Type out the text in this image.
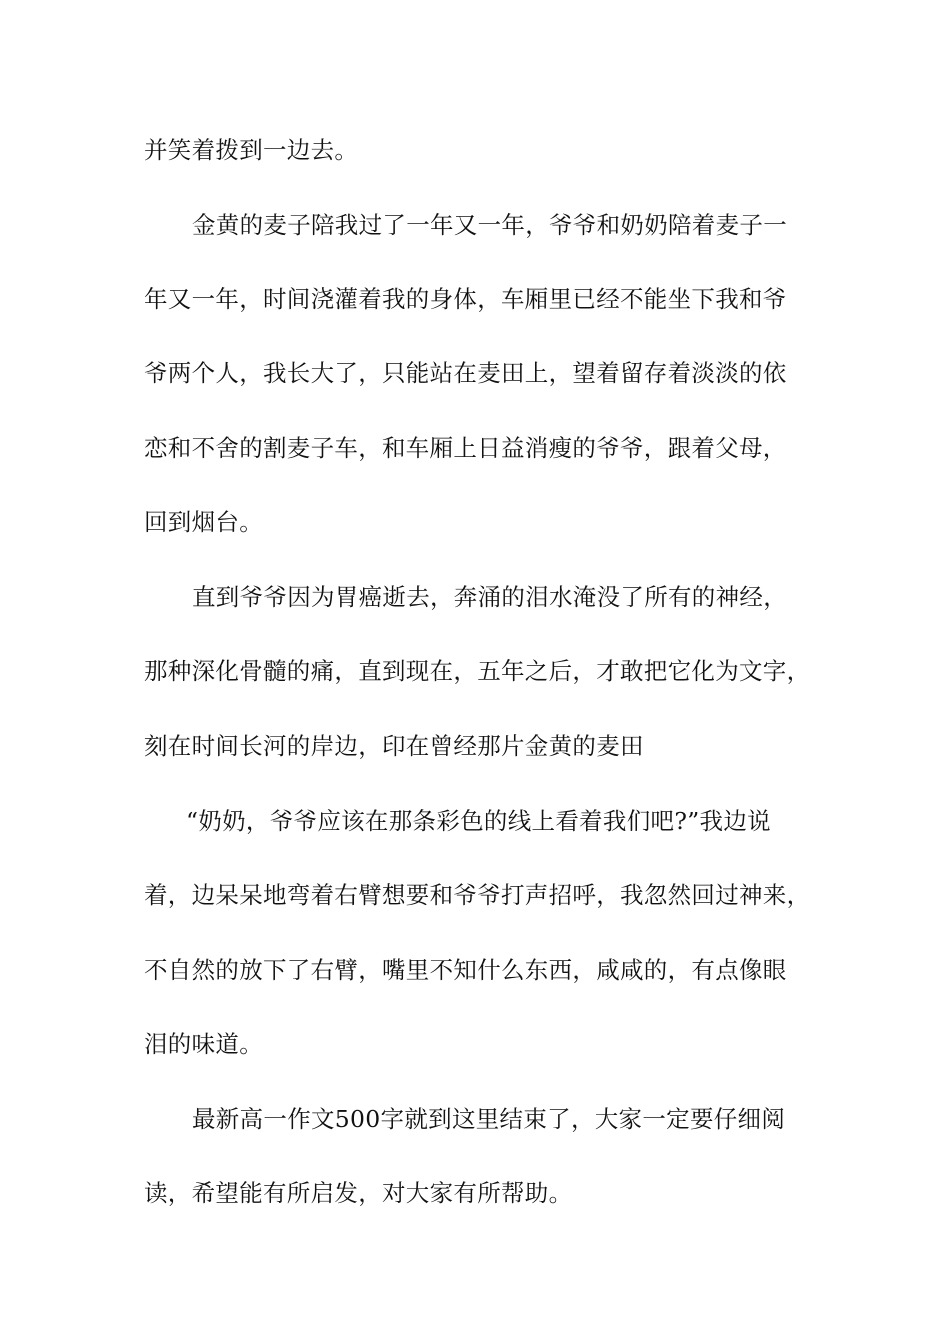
并笑着拨到一边去。
金黄的麦子陪我过了一年又一年，爷爷和奶奶陪着麦子一
年又一年，时间浇灌着我的身体，车厢里已经不能坐下我和爷
爷两个人，我长大了，只能站在麦田上，望着留存着淡淡的依
恋和不舍的割麦子车，和车厢上日益消瘦的爷爷，跟着父母，
回到烟台。
直到爷爷因为胃癌逝去，奔涌的泪水淹没了所有的神经，
那种深化骨髓的痛，直到现在，五年之后，才敢把它化为文字，
刻在时间长河的岸边，印在曾经那片金黄的麦田
“奶奶，爷爷应该在那条彩色的线上看着我们吧?”我边说
着，边呆呆地弯着右臂想要和爷爷打声招呼，我忽然回过神来，
不自然的放下了右臂，嘴里不知什么东西，咸咸的，有点像眼
泪的味道。
最新高一作文500字就到这里结束了，大家一定要仔细阅
读，希望能有所启发，对大家有所帮助。
